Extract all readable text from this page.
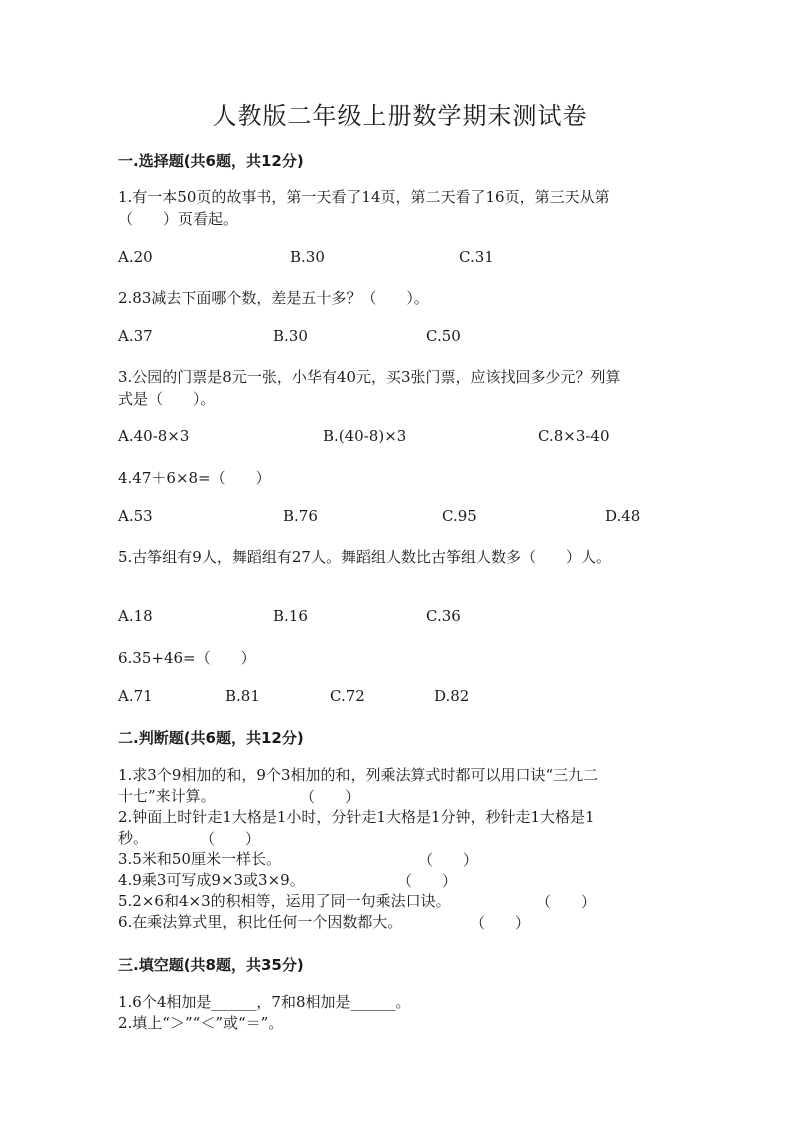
人教版二年级上册数学期末测试卷
一.选择题(共6题，共12分)
1.有一本50页的故事书，第一天看了14页，第二天看了16页，第三天从第
（　　）页看起。
A.20	B.30	C.31
2.83减去下面哪个数，差是五十多？（　　）。
A.37	B.30	C.50
3.公园的门票是8元一张，小华有40元，买3张门票，应该找回多少元？列算
式是（　　）。
A.40-8×3	B.(40-8)×3	C.8×3-40
4.47＋6×8=（　　）
A.53	B.76	C.95	D.48
5.古筝组有9人，舞蹈组有27人。舞蹈组人数比古筝组人数多（　　）人。
A.18	B.16	C.36
6.35+46=（　　）
A.71	B.81	C.72	D.82
二.判断题(共6题，共12分)
1.求3个9相加的和，9个3相加的和，列乘法算式时都可以用口诀“三九二
十七”来计算。	（　　）
2.钟面上时针走1大格是1小时，分针走1大格是1分钟，秒针走1大格是1
秒。	（　　）
3.5米和50厘米一样长。	（　　）
4.9乘3可写成9×3或3×9。	（　　）
5.2×6和4×3的积相等，运用了同一句乘法口诀。	（　　）
6.在乘法算式里，积比任何一个因数都大。	（　　）
三.填空题(共8题，共35分)
1.6个4相加是______，7和8相加是______。
2.填上“＞”“＜”或“＝”。
